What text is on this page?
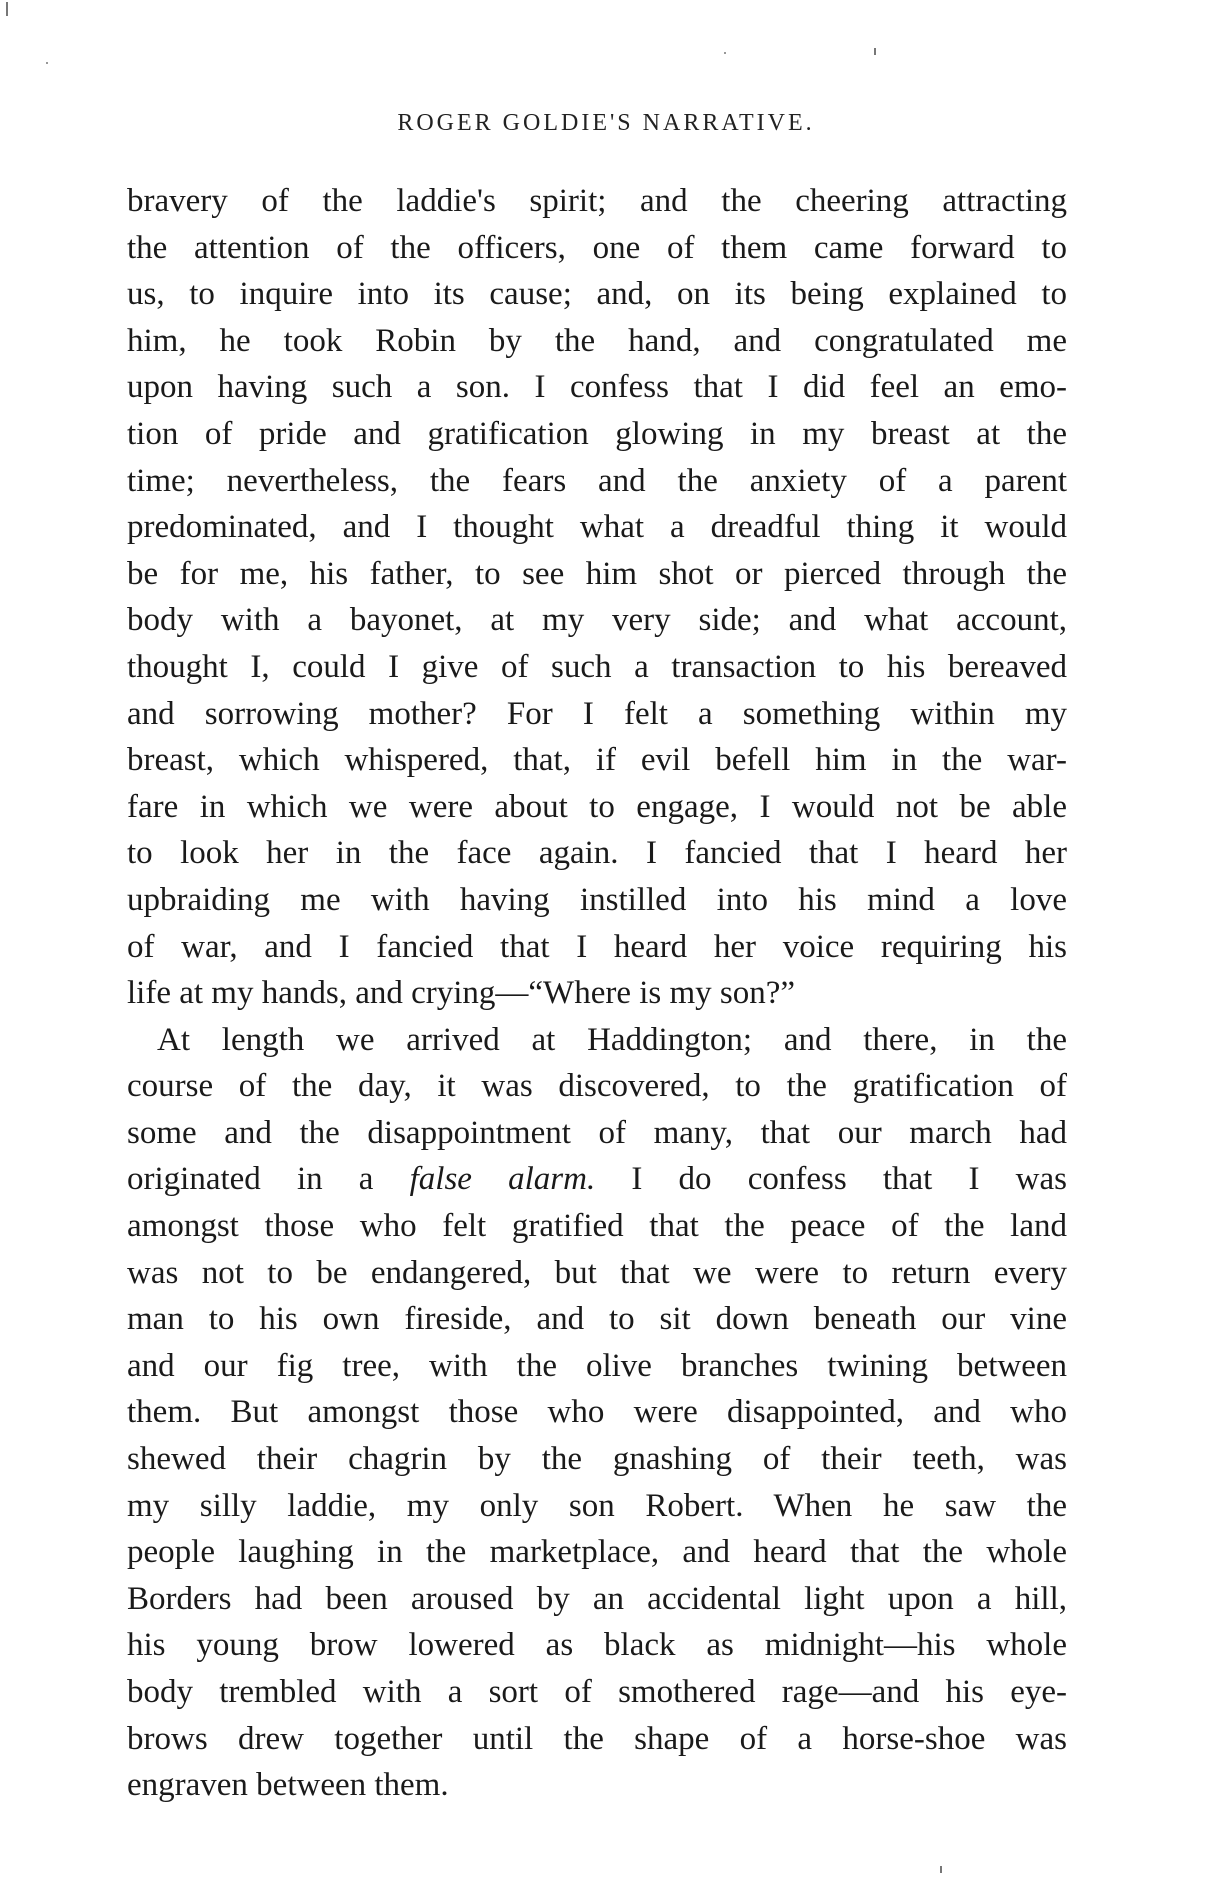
ROGER GOLDIE'S NARRATIVE.
bravery of the laddie's spirit; and the cheering attracting
the attention of the officers, one of them came forward to
us, to inquire into its cause; and, on its being explained to
him, he took Robin by the hand, and congratulated me
upon having such a son. I confess that I did feel an emo-
tion of pride and gratification glowing in my breast at the
time; nevertheless, the fears and the anxiety of a parent
predominated, and I thought what a dreadful thing it would
be for me, his father, to see him shot or pierced through the
body with a bayonet, at my very side; and what account,
thought I, could I give of such a transaction to his bereaved
and sorrowing mother? For I felt a something within my
breast, which whispered, that, if evil befell him in the war-
fare in which we were about to engage, I would not be able
to look her in the face again. I fancied that I heard her
upbraiding me with having instilled into his mind a love
of war, and I fancied that I heard her voice requiring his
life at my hands, and crying—“Where is my son?”
At length we arrived at Haddington; and there, in the
course of the day, it was discovered, to the gratification of
some and the disappointment of many, that our march had
originated in a false alarm. I do confess that I was
amongst those who felt gratified that the peace of the land
was not to be endangered, but that we were to return every
man to his own fireside, and to sit down beneath our vine
and our fig tree, with the olive branches twining between
them. But amongst those who were disappointed, and who
shewed their chagrin by the gnashing of their teeth, was
my silly laddie, my only son Robert. When he saw the
people laughing in the marketplace, and heard that the whole
Borders had been aroused by an accidental light upon a hill,
his young brow lowered as black as midnight—his whole
body trembled with a sort of smothered rage—and his eye-
brows drew together until the shape of a horse-shoe was
engraven between them.
